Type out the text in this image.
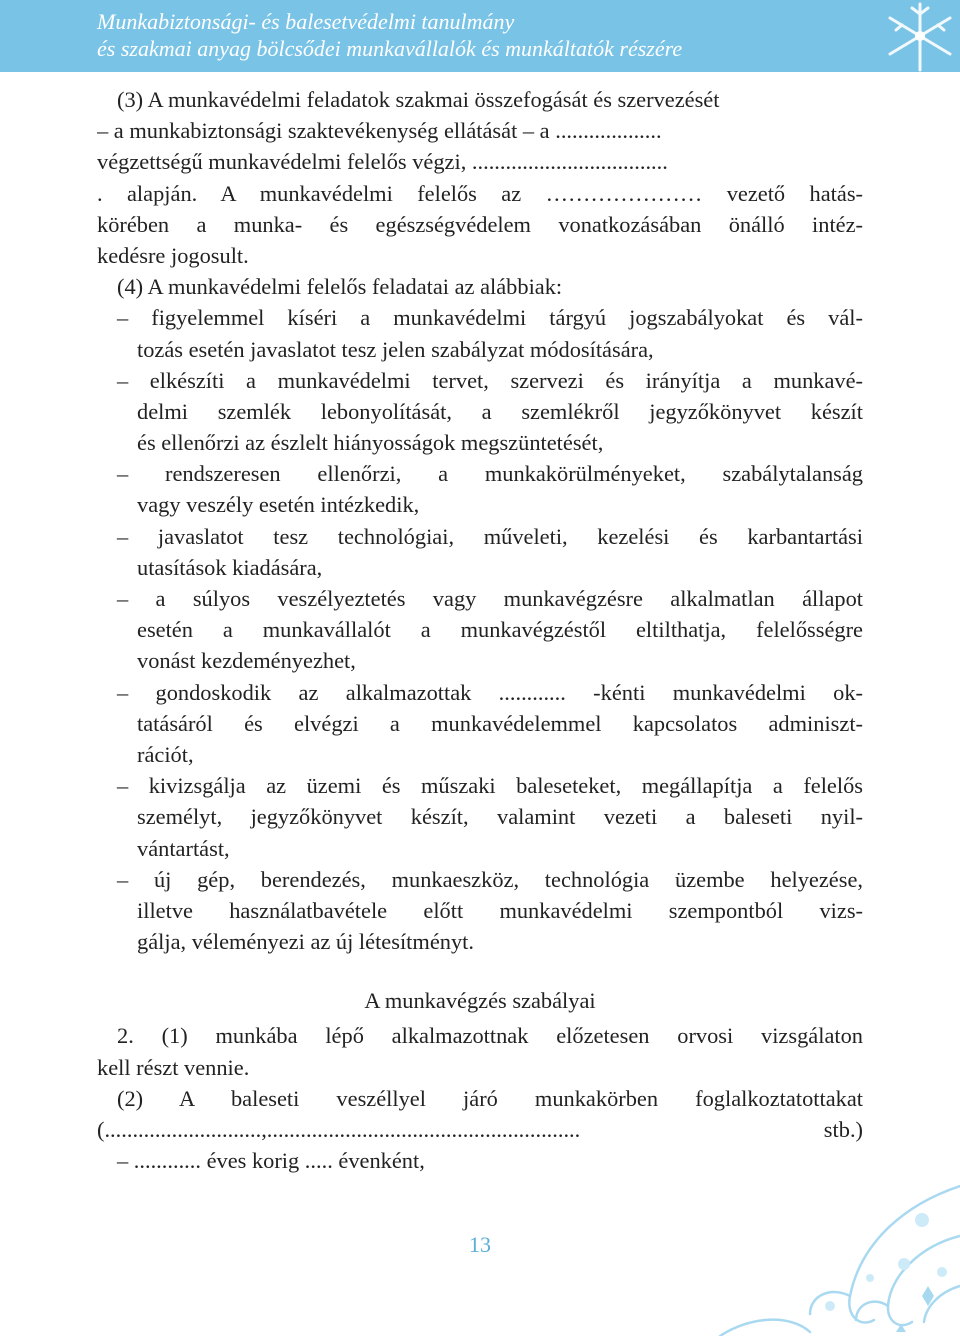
Munkabiztonsági- és balesetvédelmi tanulmány
és szakmai anyag bölcsődei munkavállalók és munkáltatók részére
(3) A munkavédelmi feladatok szakmai összefogását és szervezését
– a munkabiztonsági szaktevékenység ellátását – a ...................
végzettségű munkavédelmi felelős végzi, ...................................
. alapján. A munkavédelmi felelős az ………………… vezető hatás-
körében a munka- és egészségvédelem vonatkozásában önálló intéz-
kedésre jogosult.
(4) A munkavédelmi felelős feladatai az alábbiak:
– figyelemmel kíséri a munkavédelmi tárgyú jogszabályokat és vál-
tozás esetén javaslatot tesz jelen szabályzat módosítására,
– elkészíti a munkavédelmi tervet, szervezi és irányítja a munkavé-
delmi szemlék lebonyolítását, a szemlékről jegyzőkönyvet készít
és ellenőrzi az észlelt hiányosságok megszüntetését,
– rendszeresen ellenőrzi, a munkakörülményeket, szabálytalanság
vagy veszély esetén intézkedik,
– javaslatot tesz technológiai, műveleti, kezelési és karbantartási
utasítások kiadására,
– a súlyos veszélyeztetés vagy munkavégzésre alkalmatlan állapot
esetén a munkavállalót a munkavégzéstől eltilthatja, felelősségre
vonást kezdeményezhet,
– gondoskodik az alkalmazottak ............ -kénti munkavédelmi ok-
tatásáról és elvégzi a munkavédelemmel kapcsolatos adminiszt-
rációt,
– kivizsgálja az üzemi és műszaki baleseteket, megállapítja a felelős
személyt, jegyzőkönyvet készít, valamint vezeti a baleseti nyil-
vántartást,
– új gép, berendezés, munkaeszköz, technológia üzembe helyezése,
illetve használatbavétele előtt munkavédelmi szempontból vizs-
gálja, véleményezi az új létesítményt.
A munkavégzés szabályai
2. (1) munkába lépő alkalmazottnak előzetesen orvosi vizsgálaton
kell részt vennie.
(2) A baleseti veszéllyel járó munkakörben foglalkoztatottakat
(............................,........................................................ stb.)
– ............ éves korig ..... évenként,
13
